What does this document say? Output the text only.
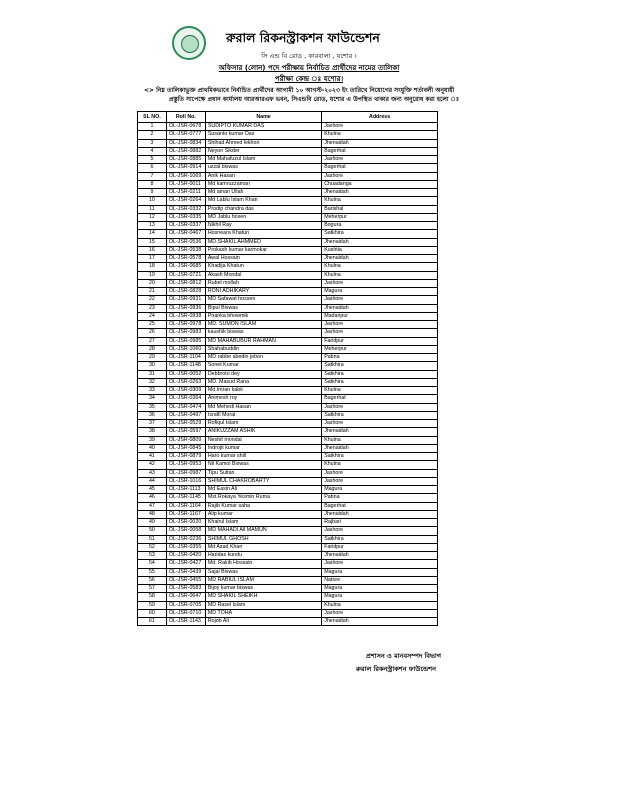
রুরাল রিকনস্ট্রাকশন ফাউন্ডেশন
সি এন্ড বি রোড , কারবালা , যশোর ।
অফিসার (লোন) পদে পরীক্ষায় নির্বাচিত প্রার্থীদের নামের তালিকা
পরীক্ষা কেন্দ্র ঃ যশোর।
<> নিম্ন তালিকাভুক্ত প্রাথমিকভাবে নির্বাচিত প্রার্থীদের আগামী ১০ আগস্ট-২০২৩ ইং তারিখে নিয়োগের সংযুক্তি শর্তাবলী অনুযায়ী
প্রস্তুতি সাপেক্ষে প্রধান কার্যালয় আরআরএফ ভবন, সিএন্ডবি রোড, যশোর এ উপস্থিত থাকার জন্য অনুরোধ করা হলো ঃ
SL NO.	Roll No.	Name	Address
1	OL-JSR-0678	SUDIPTO KUMAR DAS	Jashore
2	OL-JSR-0777	Susanto kumar Das	Khulna
3	OL-JSR-0834	Shihad Ahmed lekhon	Jhenaidah
4	OL-JSR-0882	Neyon Sikder	Bagerhat
5	OL-JSR-0885	Md Mahafuzul Islam	Jashore
6	OL-JSR-0914	uzzal biswas	Bagerhat
7	OL-JSR-1069	Anik Hasan	Jashore
8	OL-JSR-0011	Md kamruzzaman	Chuadanga
9	OL-JSR-0211	Md aman Ullah	Jhenaidah
10	OL-JSR-0264	Md Lablu Islam Khan	Khulna
11	OL-JSR-0332	Prodip chandra das	Barishal
12	OL-JSR-0335	MD Jablu hosen	Meherpur
13	OL-JSR-0337	Nikhil Ray	Bogura
14	OL-JSR-0467	Hosneara Khatun	Satkhira
15	OL-JSR-0536	MD.SHAKIL AHMMED	Jhenaidah
16	OL-JSR-0538	Prokash kumar karmokar	Kushtia
17	OL-JSR-0578	Awal Hossain	Jhenaidah
18	OL-JSR-0685	Khadija Khatun	Khulna
19	OL-JSR-0721	Akash Mondal	Khulna
20	OL-JSR-0812	Rubel mollah	Jashore
21	OL-JSR-0828	RONI ADHIKARY	Magura
22	OL-JSR-0931	MD Safawat hossen	Jashore
23	OL-JSR-0936	Bipul Biswas	Jhenaidah
24	OL-JSR-0938	Prianka bhowmik	Madaripur
25	OL-JSR-0978	MD. SUMON ISLAM	Jashore
26	OL-JSR-0983	kaushik biswas	Jashore
27	OL-JSR-0985	MD MAHABUBUR RAHMAN	Faridpur
28	OL-JSR-1060	Shahabuddin	Meherpur
29	OL-JSR-1104	MD rabbe abedin jebon	Pabna
30	OL-JSR-1148	Sonet Kumar	Satkhira
31	OL-JSR-0052	Debbroto dey	Satkhira
32	OL-JSR-0263	MD. Masud Rana	Satkhira
33	OL-JSR-0309	Md.Imran kabir	Khulna
34	OL-JSR-0364	Animesh roy	Bagerhat
35	OL-JSR-0474	Md Mehedi Hasan	Jashore
36	OL-JSR-0497	Israfil Moral	Satkhira
37	OL-JSR-0529	Rofiqul Islam	Jashore
38	OL-JSR-0597	ANIKUZZAM ASHIK	Jhenaidah
39	OL-JSR-0809	Neshit mondal	Khulna
40	OL-JSR-0845	Indrojit kumar	Jhenaidah
41	OL-JSR-0879	Haro kumar shill	Satkhira
42	OL-JSR-0953	Nil Kamol Biswas	Khulna
43	OL-JSR-0987	Tipu Sultan	Jashore
44	OL-JSR-1016	SHIMUL CHAKROBARTY	Jashore
45	OL-JSR-1113	Md Easin Ali	Magura
46	OL-JSR-1145	Mst.Rokaya Yesmin Ruma	Pabna
47	OL-JSR-1164	Rajib Kumar saha	Bagerhat
48	OL-JSR-1167	Alip kumar	Jhenaidah
49	OL-JSR-0020	Khairul Islam	Rajbari
50	OL-JSR-0058	MD MAHADI All MAMUN	Jashore
51	OL-JSR-0236	SHIMUL GHOSH	Satkhira
52	OL-JSR-0355	Md Asad Khan	Faridpur
53	OL-JSR-0420	Haridas kundu	Jhenaidah
54	OL-JSR-0427	Md. Rakib Hossain	Jashore
55	OL-JSR-0439	Sajal Biswas	Magura
56	OL-JSR-0455	MD RABIUL ISLAM	Natore
57	OL-JSR-0583	Bijoy kumar biswas	Magura
58	OL-JSR-0647	MD SHAKIL SHEIKH	Magura
59	OL-JSR-0705	MD Rasel Islam	Khulna
60	OL-JSR-0710	MD TOHA	Jashore
61	OL-JSR-1143	Rojob Ali	Jhenaidah
প্রশাসন ও মানবসম্পদ বিভাগ
রুরাল রিকনস্ট্রাকশন ফাউন্ডেশন
